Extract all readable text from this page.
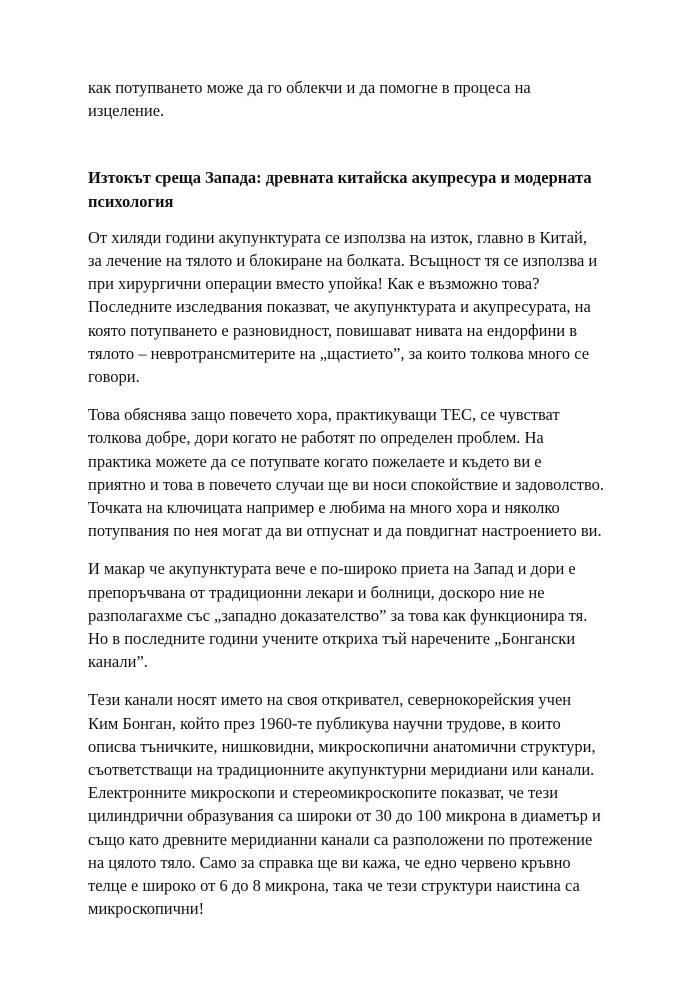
как потупването може да го облекчи и да помогне в процеса на
изцеление.

Изтокът среща Запада: древната китайска акупресура и модерната
психология

От хиляди години акупунктурата се използва на изток, главно в Китай,
за лечение на тялото и блокиране на болката. Всъщност тя се използва и
при хирургични операции вместо упойка! Как е възможно това?
Последните изследвания показват, че акупунктурата и акупресурата, на
която потупването е разновидност, повишават нивата на ендорфини в
тялото – невротрансмитерите на „щастието”, за които толкова много се
говори.

Това обяснява защо повечето хора, практикуващи ТЕС, се чувстват
толкова добре, дори когато не работят по определен проблем. На
практика можете да се потупвате когато пожелаете и където ви е
приятно и това в повечето случаи ще ви носи спокойствие и задоволство.
Точката на ключицата например е любима на много хора и няколко
потупвания по нея могат да ви отпуснат и да повдигнат настроението ви.

И макар че акупунктурата вече е по-широко приета на Запад и дори е
препоръчвана от традиционни лекари и болници, доскоро ние не
разполагахме със „западно доказателство” за това как функционира тя.
Но в последните години учените откриха тъй наречените „Бонгански
канали”.

Тези канали носят името на своя откривател, севернокорейския учен
Ким Бонган, който през 1960-те публикува научни трудове, в които
описва тъничките, нишковидни, микроскопични анатомични структури,
съответстващи на традиционните акупунктурни меридиани или канали.
Електронните микроскопи и стереомикроскопите показват, че тези
цилиндрични образувания са широки от 30 до 100 микрона в диаметър и
също като древните меридианни канали са разположени по протежение
на цялото тяло. Само за справка ще ви кажа, че едно червено кръвно
телце е широко от 6 до 8 микрона, така че тези структури наистина са
микроскопични!
